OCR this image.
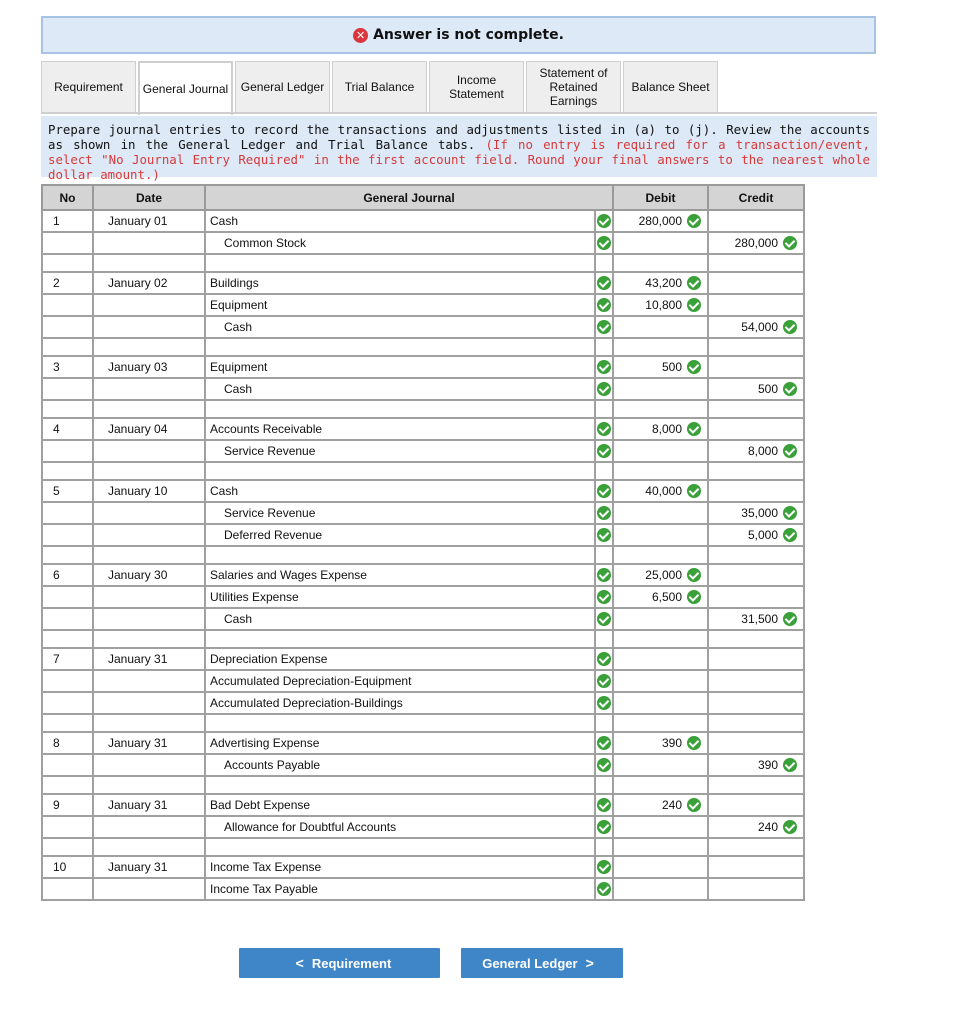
✕ Answer is not complete.
Requirement	General Journal	General Ledger	Trial Balance	Income Statement
Statement of Retained Earnings
Balance Sheet
Prepare journal entries to record the transactions and adjustments listed in (a) to (j). Review the accounts as shown in the General Ledger and Trial Balance tabs. (If no entry is required for a transaction/event, select "No Journal Entry Required" in the first account field. Round your final answers to the nearest whole dollar amount.)
No	Date	General Journal		Debit	Credit
1	January 01	Cash		280,000	
		Common Stock			280,000

2	January 02	Buildings		43,200	
		Equipment		10,800	
		Cash			54,000

3	January 03	Equipment		500	
		Cash			500

4	January 04	Accounts Receivable		8,000	
		Service Revenue			8,000

5	January 10	Cash		40,000	
		Service Revenue			35,000
		Deferred Revenue			5,000

6	January 30	Salaries and Wages Expense		25,000	
		Utilities Expense		6,500	
		Cash			31,500

7	January 31	Depreciation Expense			
		Accumulated Depreciation-Equipment			
		Accumulated Depreciation-Buildings			

8	January 31	Advertising Expense		390	
		Accounts Payable			390

9	January 31	Bad Debt Expense		240	
		Allowance for Doubtful Accounts			240

10	January 31	Income Tax Expense			
		Income Tax Payable			
< Requirement	General Ledger >
